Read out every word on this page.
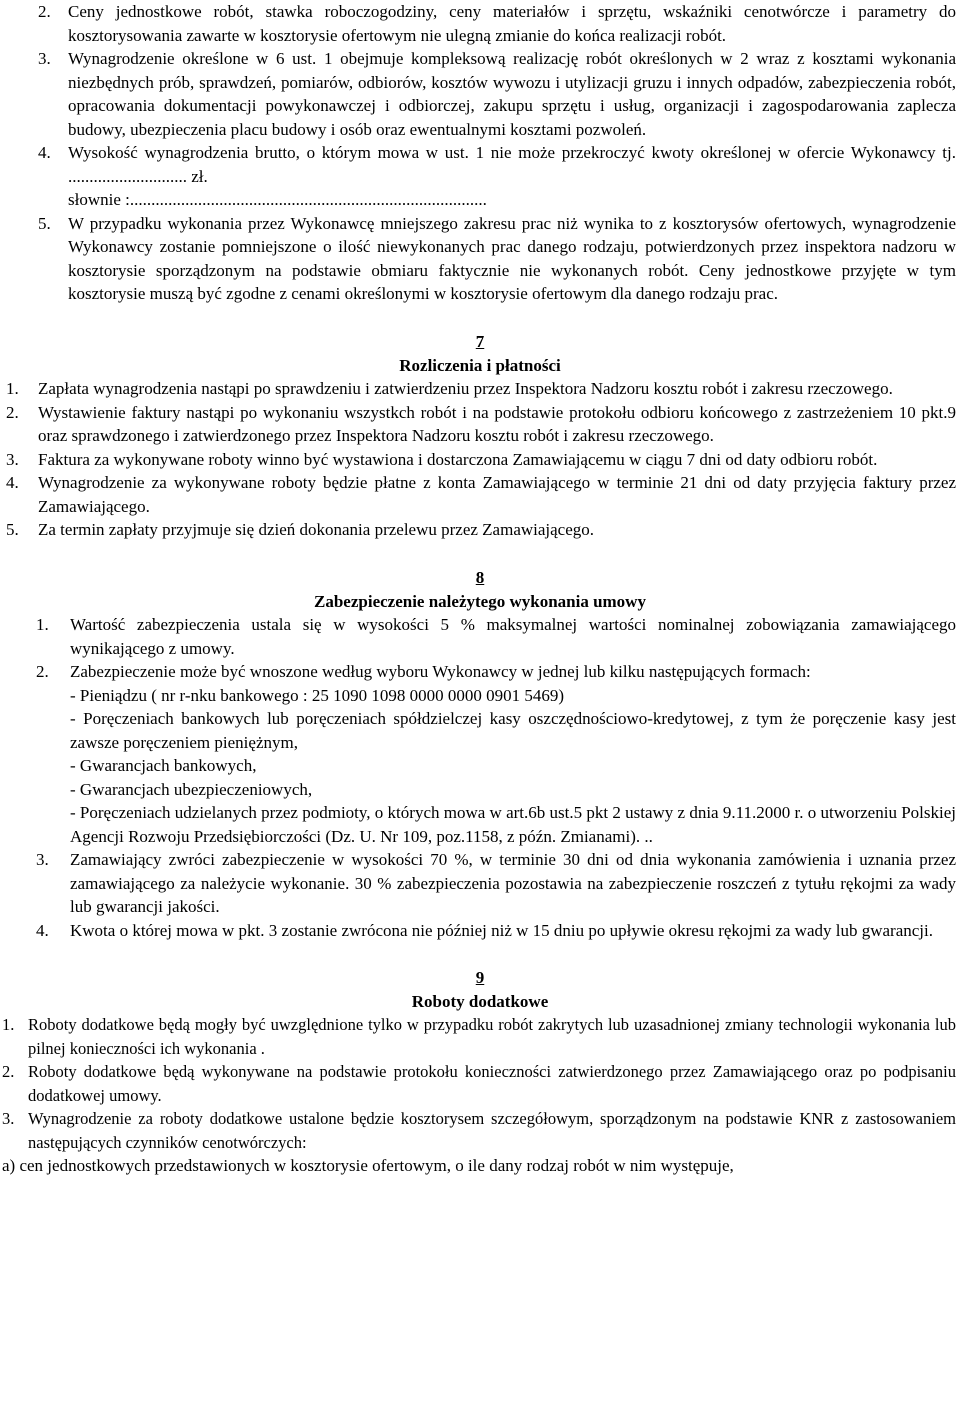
2. Ceny jednostkowe robót, stawka roboczogodziny, ceny materiałów i sprzętu, wskaźniki cenotwórcze i parametry do kosztorysowania zawarte w kosztorysie ofertowym nie ulegną zmianie do końca realizacji robót.
3. Wynagrodzenie określone w 6 ust. 1 obejmuje kompleksową realizację robót określonych w 2 wraz z kosztami wykonania niezbędnych prób, sprawdzeń, pomiarów, odbiorów, kosztów wywozu i utylizacji gruzu i innych odpadów, zabezpieczenia robót, opracowania dokumentacji powykonawczej i odbiorczej, zakupu sprzętu i usług, organizacji i zagospodarowania zaplecza budowy, ubezpieczenia placu budowy i osób oraz ewentualnymi kosztami pozwoleń.
4. Wysokość wynagrodzenia brutto, o którym mowa w ust. 1 nie może przekroczyć kwoty określonej w ofercie Wykonawcy tj. ............................ zł.
słownie :....................................................................................
5. W przypadku wykonania przez Wykonawcę mniejszego zakresu prac niż wynika to z kosztorysów ofertowych, wynagrodzenie Wykonawcy zostanie pomniejszone o ilość niewykonanych prac danego rodzaju, potwierdzonych przez inspektora nadzoru w kosztorysie sporządzonym na podstawie obmiaru faktycznie nie wykonanych robót. Ceny jednostkowe przyjęte w tym kosztorysie muszą być zgodne z cenami określonymi w kosztorysie ofertowym dla danego rodzaju prac.
7
Rozliczenia i płatności
1. Zapłata wynagrodzenia nastąpi po sprawdzeniu i zatwierdzeniu przez Inspektora Nadzoru kosztu robót i zakresu rzeczowego.
2. Wystawienie faktury nastąpi po wykonaniu wszystkch robót i na podstawie protokołu odbioru końcowego z zastrzeżeniem 10 pkt.9 oraz sprawdzonego i zatwierdzonego przez Inspektora Nadzoru kosztu robót i zakresu rzeczowego.
3. Faktura za wykonywane roboty winno być wystawiona i dostarczona Zamawiającemu w ciągu 7 dni od daty odbioru robót.
4. Wynagrodzenie za wykonywane roboty będzie płatne z konta Zamawiającego w terminie 21 dni od daty przyjęcia faktury przez Zamawiającego.
5. Za termin zapłaty przyjmuje się dzień dokonania przelewu przez Zamawiającego.
8
Zabezpieczenie należytego wykonania umowy
1. Wartość zabezpieczenia ustala się w wysokości 5 % maksymalnej wartości nominalnej zobowiązania zamawiającego wynikającego z umowy.
2. Zabezpieczenie może być wnoszone według wyboru Wykonawcy w jednej lub kilku następujących formach:
- Pieniądzu ( nr r-nku bankowego : 25 1090 1098 0000 0000 0901 5469)
- Poręczeniach bankowych lub poręczeniach spółdzielczej kasy oszczędnościowo-kredytowej, z tym że poręczenie kasy jest zawsze poręczeniem pieniężnym,
- Gwarancjach bankowych,
- Gwarancjach ubezpieczeniowych,
- Poręczeniach udzielanych przez podmioty, o których mowa w art.6b ust.5 pkt 2 ustawy z dnia 9.11.2000 r. o utworzeniu Polskiej Agencji Rozwoju Przedsiębiorczości (Dz. U. Nr 109, poz.1158, z późn. Zmianami). ..
3. Zamawiający zwróci zabezpieczenie w wysokości 70 %, w terminie 30 dni od dnia wykonania zamówienia i uznania przez zamawiającego za należycie wykonanie. 30 % zabezpieczenia pozostawia na zabezpieczenie roszczeń z tytułu rękojmi za wady lub gwarancji jakości.
4. Kwota o której mowa w pkt. 3 zostanie zwrócona nie później niż w 15 dniu po upływie okresu rękojmi za wady lub gwarancji.
9
Roboty dodatkowe
1. Roboty dodatkowe będą mogły być uwzględnione tylko w przypadku robót zakrytych lub uzasadnionej zmiany technologii wykonania lub pilnej konieczności ich wykonania .
2. Roboty dodatkowe będą wykonywane na podstawie protokołu konieczności zatwierdzonego przez Zamawiającego oraz po podpisaniu dodatkowej umowy.
3. Wynagrodzenie za roboty dodatkowe ustalone będzie kosztorysem szczegółowym, sporządzonym na podstawie KNR z zastosowaniem następujących czynników cenotwórczych:
a) cen jednostkowych przedstawionych w kosztorysie ofertowym, o ile dany rodzaj robót w nim występuje,
